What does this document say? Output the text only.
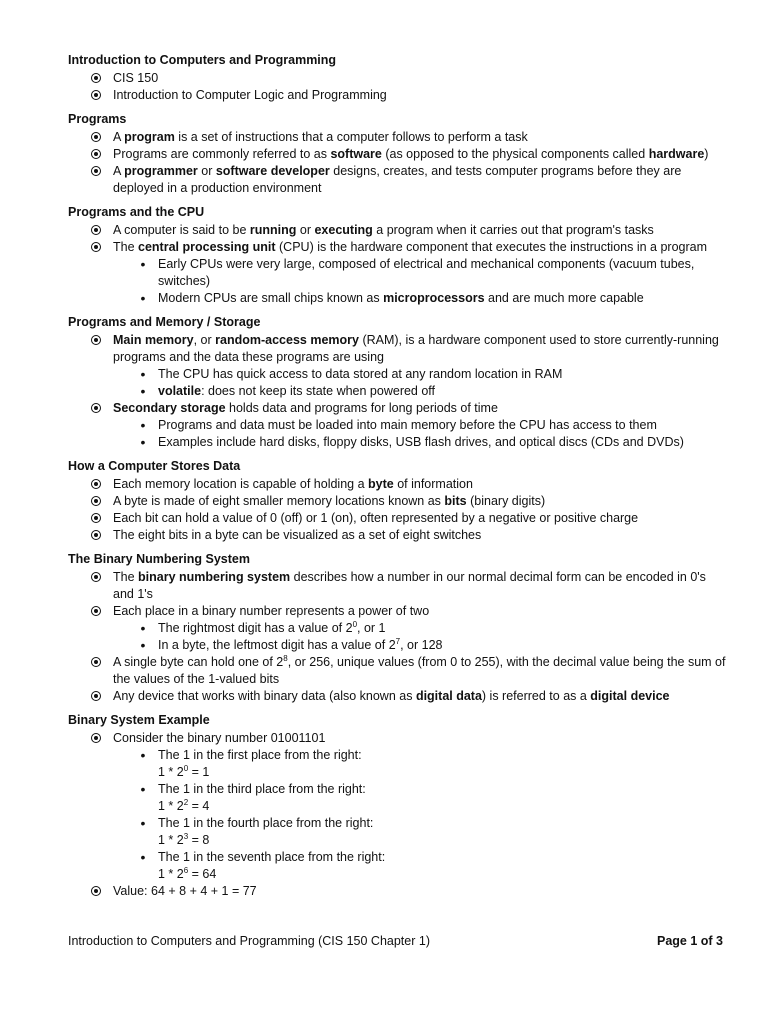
Introduction to Computers and Programming
CIS 150
Introduction to Computer Logic and Programming
Programs
A program is a set of instructions that a computer follows to perform a task
Programs are commonly referred to as software (as opposed to the physical components called hardware)
A programmer or software developer designs, creates, and tests computer programs before they are deployed in a production environment
Programs and the CPU
A computer is said to be running or executing a program when it carries out that program's tasks
The central processing unit (CPU) is the hardware component that executes the instructions in a program
•
Early CPUs were very large, composed of electrical and mechanical components (vacuum tubes, switches)
•
Modern CPUs are small chips known as microprocessors and are much more capable
Programs and Memory / Storage
Main memory, or random-access memory (RAM), is a hardware component used to store currently-running programs and the data these programs are using
•
The CPU has quick access to data stored at any random location in RAM
•
volatile: does not keep its state when powered off
Secondary storage holds data and programs for long periods of time
•
Programs and data must be loaded into main memory before the CPU has access to them
•
Examples include hard disks, floppy disks, USB flash drives, and optical discs (CDs and DVDs)
How a Computer Stores Data
Each memory location is capable of holding a byte of information
A byte is made of eight smaller memory locations known as bits (binary digits)
Each bit can hold a value of 0 (off) or 1 (on), often represented by a negative or positive charge
The eight bits in a byte can be visualized as a set of eight switches
The Binary Numbering System
The binary numbering system describes how a number in our normal decimal form can be encoded in 0's and 1's
Each place in a binary number represents a power of two
•
The rightmost digit has a value of $2^0$, or 1
•
In a byte, the leftmost digit has a value of $2^7$, or 128
A single byte can hold one of $2^8$, or 256, unique values (from 0 to 255), with the decimal value being the sum of the values of the 1-valued bits
Any device that works with binary data (also known as digital data) is referred to as a digital device
Binary System Example
Consider the binary number 01001101
•
The 1 in the first place from the right:
$1 * 2^0 = 1$
•
The 1 in the third place from the right:
$1 * 2^2 = 4$
•
The 1 in the fourth place from the right:
$1 * 2^3 = 8$
•
The 1 in the seventh place from the right:
$1 * 2^6 = 64$
Value: 64 + 8 + 4 + 1 = 77
Introduction to Computers and Programming (CIS 150 Chapter 1)	Page 1 of 3
